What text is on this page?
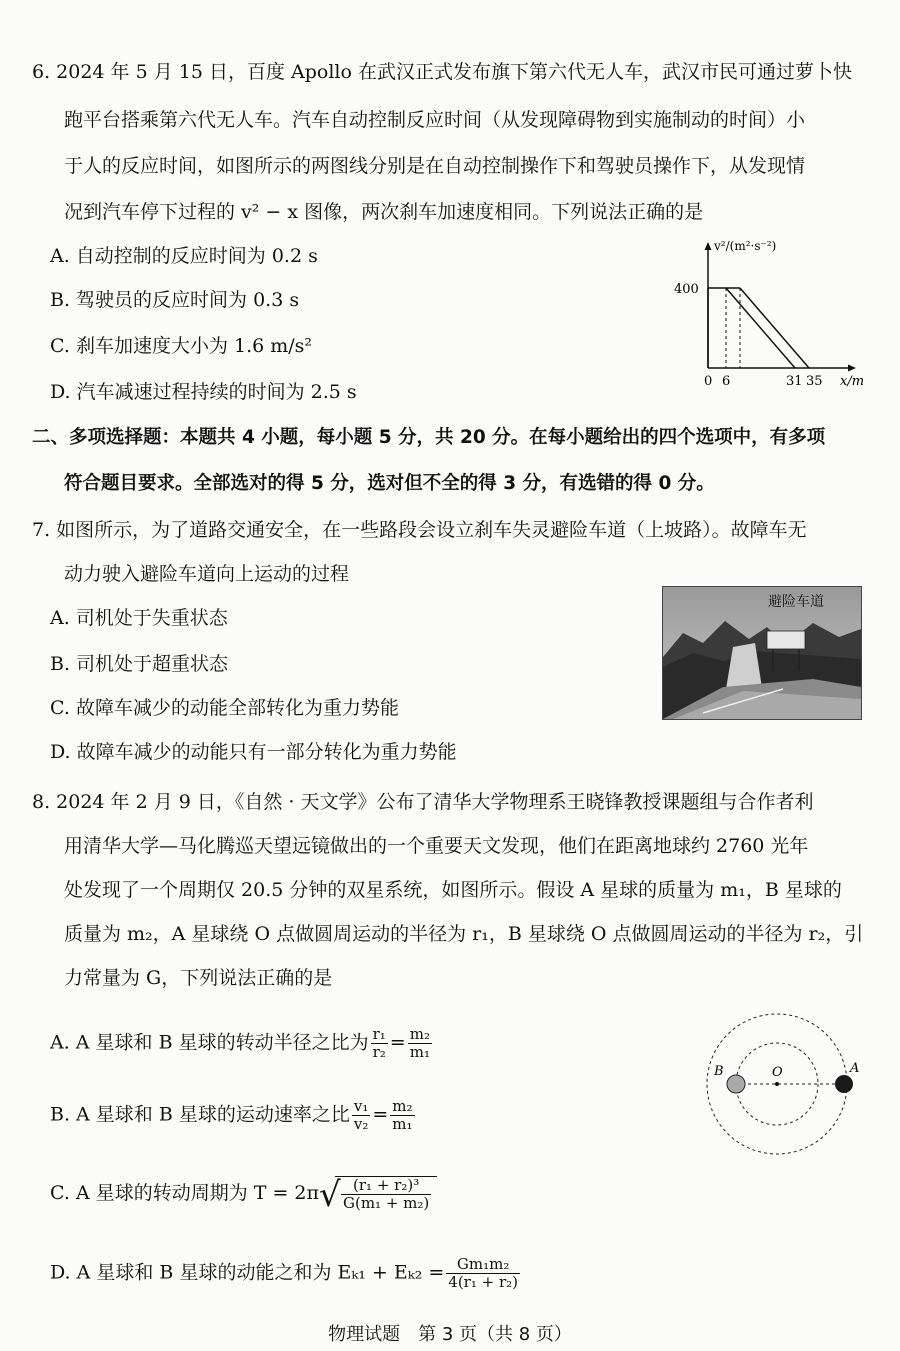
6. 2024 年 5 月 15 日，百度 Apollo 在武汉正式发布旗下第六代无人车，武汉市民可通过萝卜快
跑平台搭乘第六代无人车。汽车自动控制反应时间（从发现障碍物到实施制动的时间）小
于人的反应时间，如图所示的两图线分别是在自动控制操作下和驾驶员操作下，从发现情
况到汽车停下过程的 v² − x 图像，两次刹车加速度相同。下列说法正确的是
A. 自动控制的反应时间为 0.2 s
B. 驾驶员的反应时间为 0.3 s
C. 刹车加速度大小为 1.6 m/s²
D. 汽车减速过程持续的时间为 2.5 s
v²/(m²·s⁻²)
400
0 6	31 35 x/m
二、多项选择题：本题共 4 小题，每小题 5 分，共 20 分。在每小题给出的四个选项中，有多项
符合题目要求。全部选对的得 5 分，选对但不全的得 3 分，有选错的得 0 分。
7. 如图所示，为了道路交通安全，在一些路段会设立刹车失灵避险车道（上坡路）。故障车无
动力驶入避险车道向上运动的过程
A. 司机处于失重状态
B. 司机处于超重状态
C. 故障车减少的动能全部转化为重力势能
D. 故障车减少的动能只有一部分转化为重力势能
避险车道
8. 2024 年 2 月 9 日，《自然 · 天文学》公布了清华大学物理系王晓锋教授课题组与合作者利
用清华大学—马化腾巡天望远镜做出的一个重要天文发现，他们在距离地球约 2760 光年
处发现了一个周期仅 20.5 分钟的双星系统，如图所示。假设 A 星球的质量为 m₁，B 星球的
质量为 m₂，A 星球绕 O 点做圆周运动的半径为 r₁，B 星球绕 O 点做圆周运动的半径为 r₂，引
力常量为 G，下列说法正确的是
A. A 星球和 B 星球的转动半径之比为 $\frac{\text{r₁}}{\text{r₂}} = \frac{\text{m₂}}{\text{m₁}}$
B. A 星球和 B 星球的运动速率之比 $\frac{\text{v₁}}{\text{v₂}} = \frac{\text{m₂}}{\text{m₁}}$
C. A 星球的转动周期为 T = 2π
√ $\frac{\text{(r₁ + r₂)³}}{\text{G(m₁ + m₂)}}$
D. A 星球和 B 星球的动能之和为 $E_{k1} + E_{k2} = \frac{\text{Gm₁m₂}}{\text{4(r₁ + r₂)}}$
O
B	A
物理试题　第 3 页（共 8 页）
